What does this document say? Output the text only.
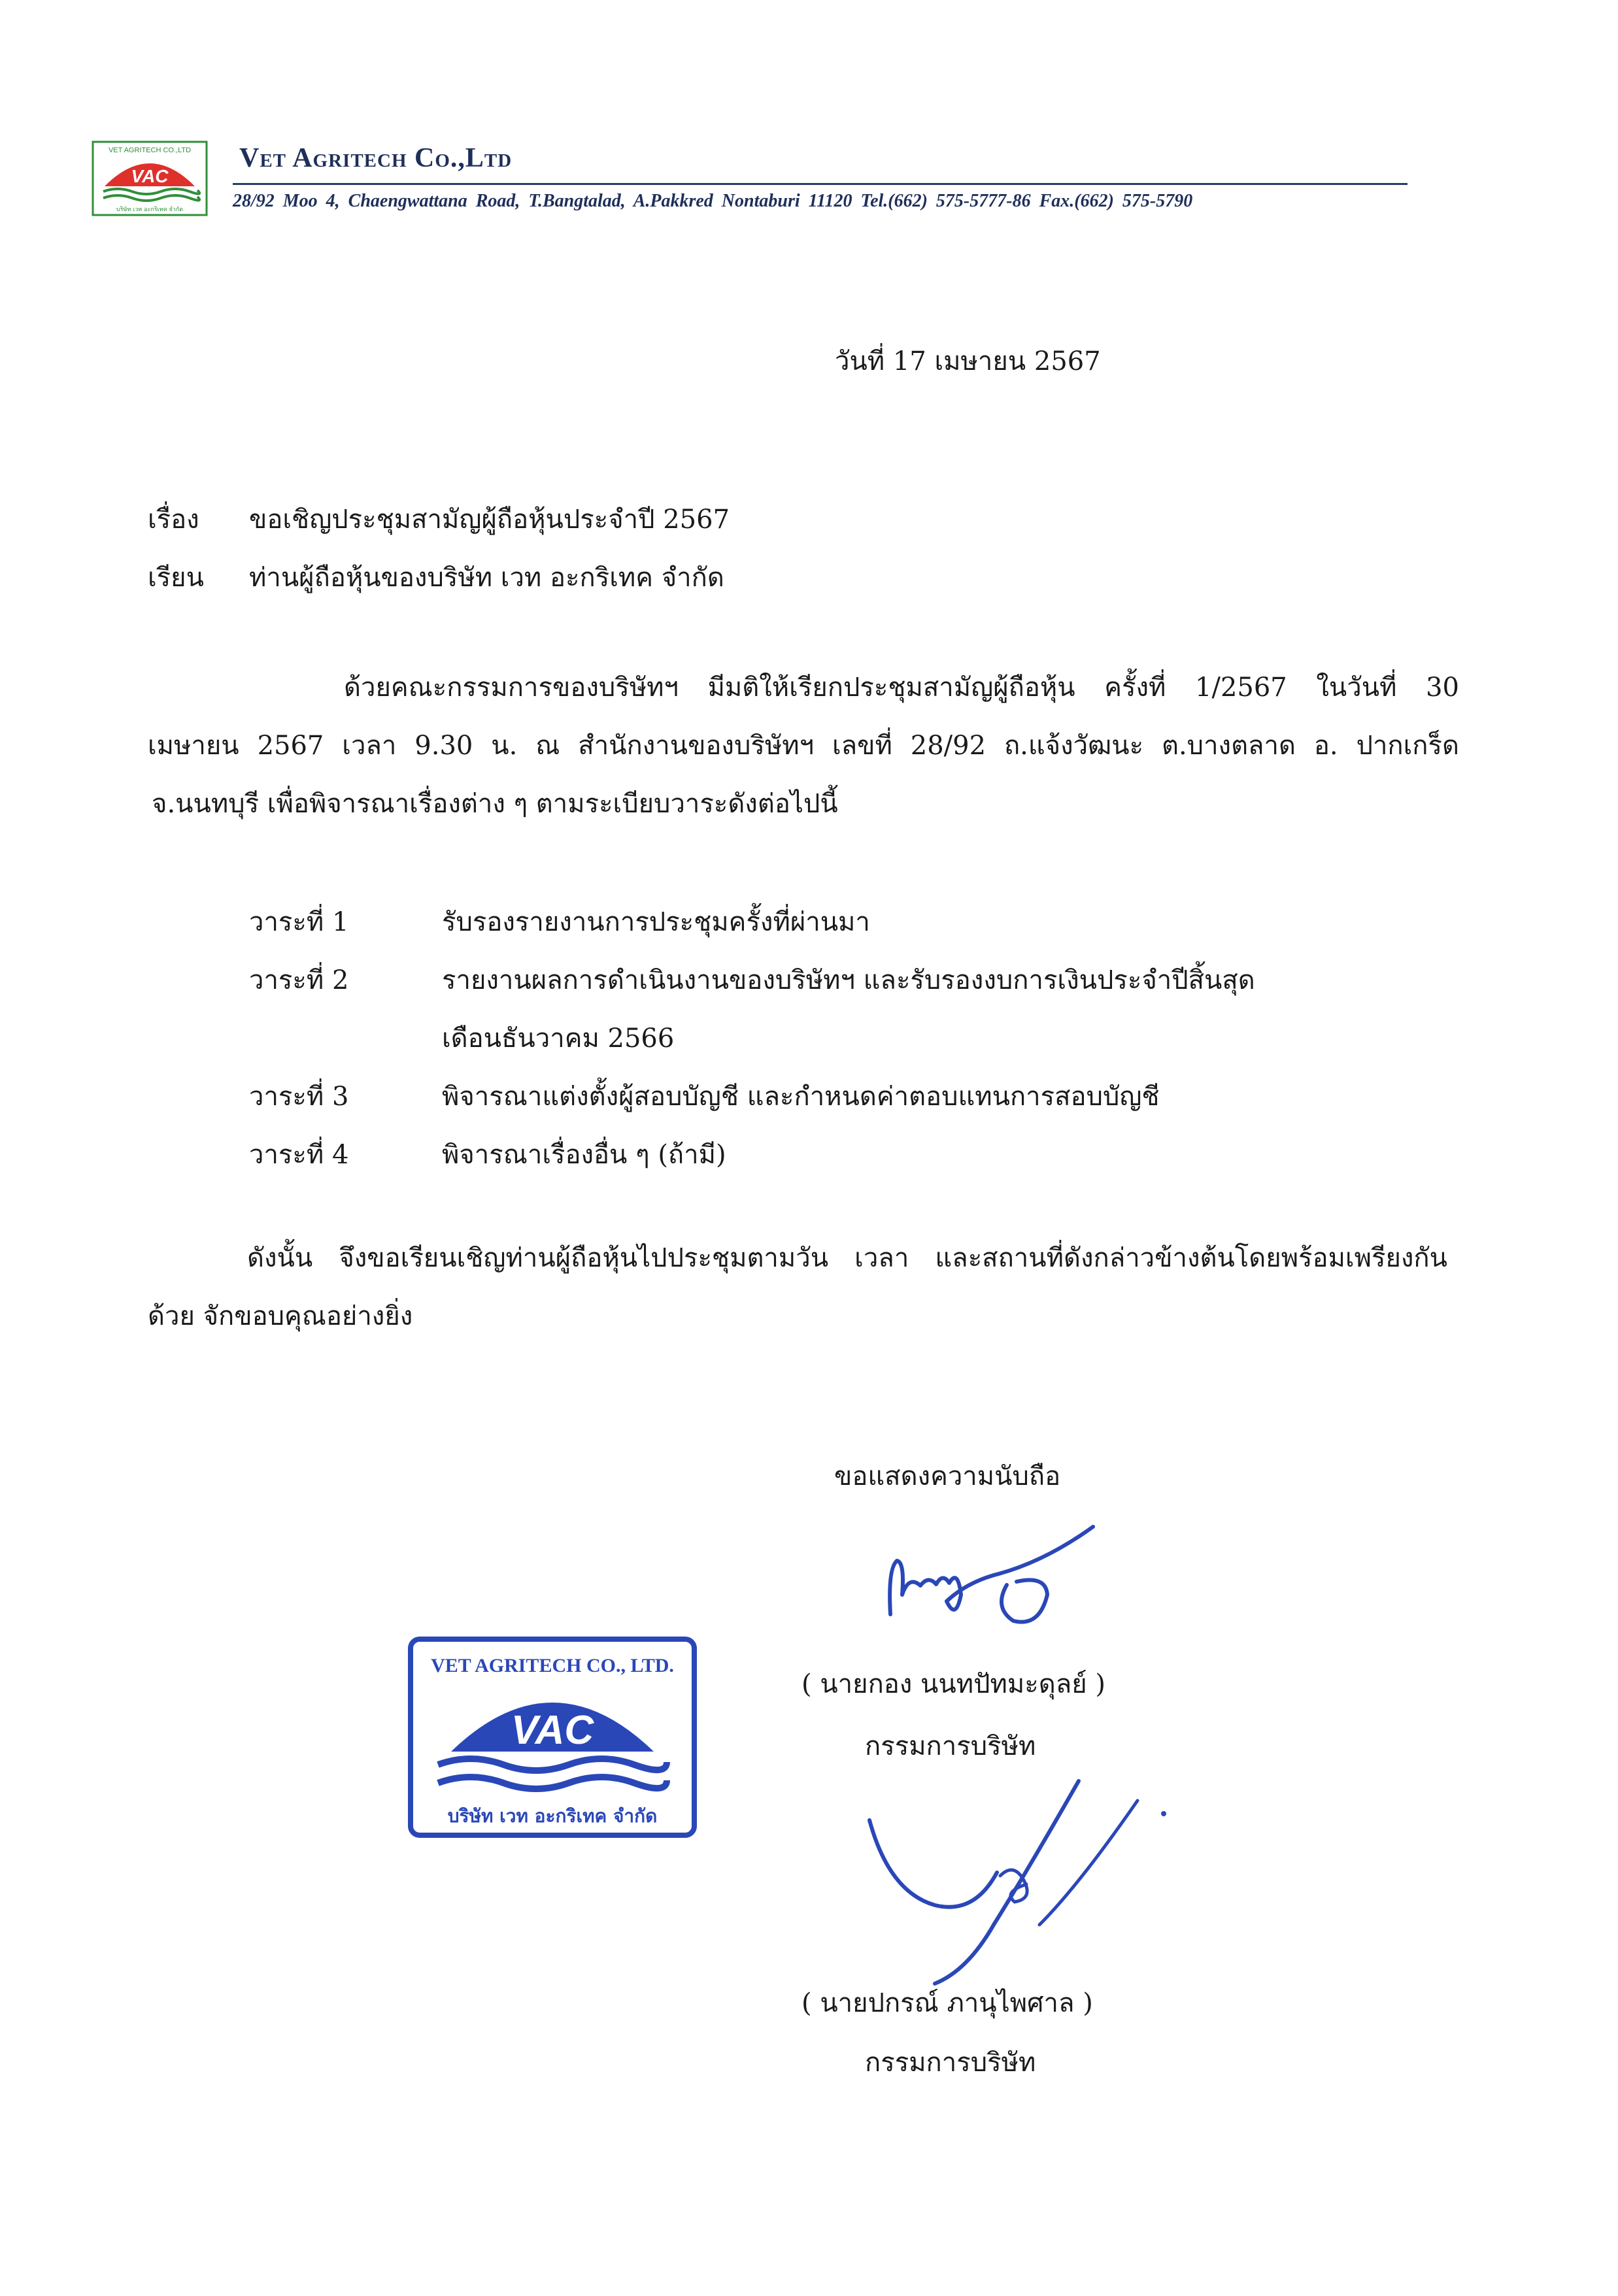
VET AGRITECH CO.,LTD
VAC
บริษัท เวท อะกริเทค จำกัด
Vet Agritech Co.,Ltd
28/92 Moo 4, Chaengwattana Road, T.Bangtalad, A.Pakkred Nontaburi 11120 Tel.(662) 575-5777-86 Fax.(662) 575-5790
วันที่ 17 เมษายน 2567
เรื่อง ขอเชิญประชุมสามัญผู้ถือหุ้นประจำปี 2567
เรียน ท่านผู้ถือหุ้นของบริษัท เวท อะกริเทค จำกัด
ด้วยคณะกรรมการของบริษัทฯ มีมติให้เรียกประชุมสามัญผู้ถือหุ้น ครั้งที่ 1/2567 ในวันที่ 30
เมษายน 2567 เวลา 9.30 น. ณ สำนักงานของบริษัทฯ เลขที่ 28/92 ถ.แจ้งวัฒนะ ต.บางตลาด อ. ปากเกร็ด
จ.นนทบุรี เพื่อพิจารณาเรื่องต่าง ๆ ตามระเบียบวาระดังต่อไปนี้
วาระที่ 1	รับรองรายงานการประชุมครั้งที่ผ่านมา
วาระที่ 2	รายงานผลการดำเนินงานของบริษัทฯ และรับรองงบการเงินประจำปีสิ้นสุด
เดือนธันวาคม 2566
วาระที่ 3	พิจารณาแต่งตั้งผู้สอบบัญชี และกำหนดค่าตอบแทนการสอบบัญชี
วาระที่ 4	พิจารณาเรื่องอื่น ๆ (ถ้ามี)
ดังนั้น จึงขอเรียนเชิญท่านผู้ถือหุ้นไปประชุมตามวัน เวลา และสถานที่ดังกล่าวข้างต้นโดยพร้อมเพรียงกัน
ด้วย จักขอบคุณอย่างยิ่ง
ขอแสดงความนับถือ
( นายกอง นนทปัทมะดุลย์ )
กรรมการบริษัท
VET AGRITECH CO., LTD.
VAC
บริษัท เวท อะกริเทค จำกัด
( นายปกรณ์ ภานุไพศาล )
กรรมการบริษัท
